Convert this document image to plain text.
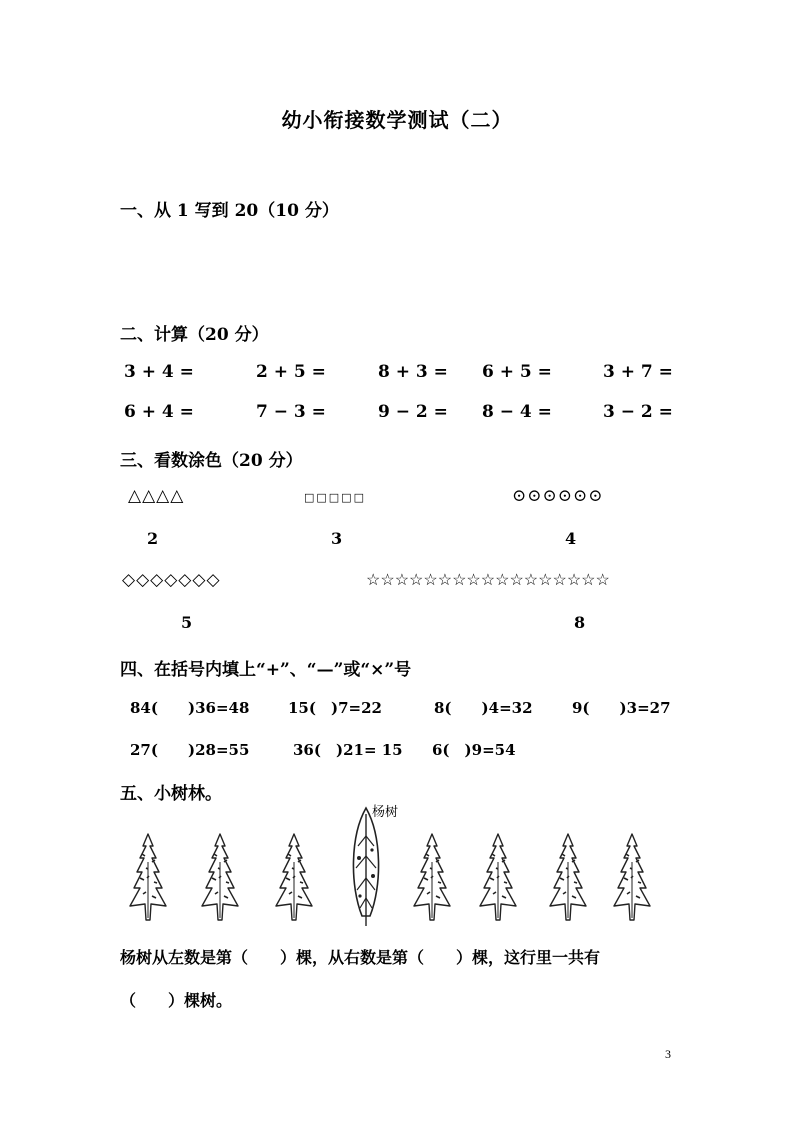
幼小衔接数学测试（二）
一、从 1 写到 20（10 分）
二、计算（20 分）
3 + 4 =	2 + 5 =	8 + 3 = 6 + 5 =	3 + 7 =
6 + 4 =	7 − 3 =	9 − 2 = 8 − 4 =	3 − 2 =
三、看数涂色（20 分）
△△△△	□□□□□	⊙⊙⊙⊙⊙⊙
2	3	4
◇◇◇◇◇◇◇	☆☆☆☆☆☆☆☆☆☆☆☆☆☆☆☆☆
5	8
四、在括号内填上“+”、“—”或“×”号
84(　　)36=48	15(　)7=22	8(　　)4=32	9(　　)3=27
27(　　)28=55	36(　)21= 15 6(　)9=54
五、小树林。
杨树
杨树从左数是第（　　）棵，从右数是第（　　）棵，这行里一共有
（　　）棵树。
3
